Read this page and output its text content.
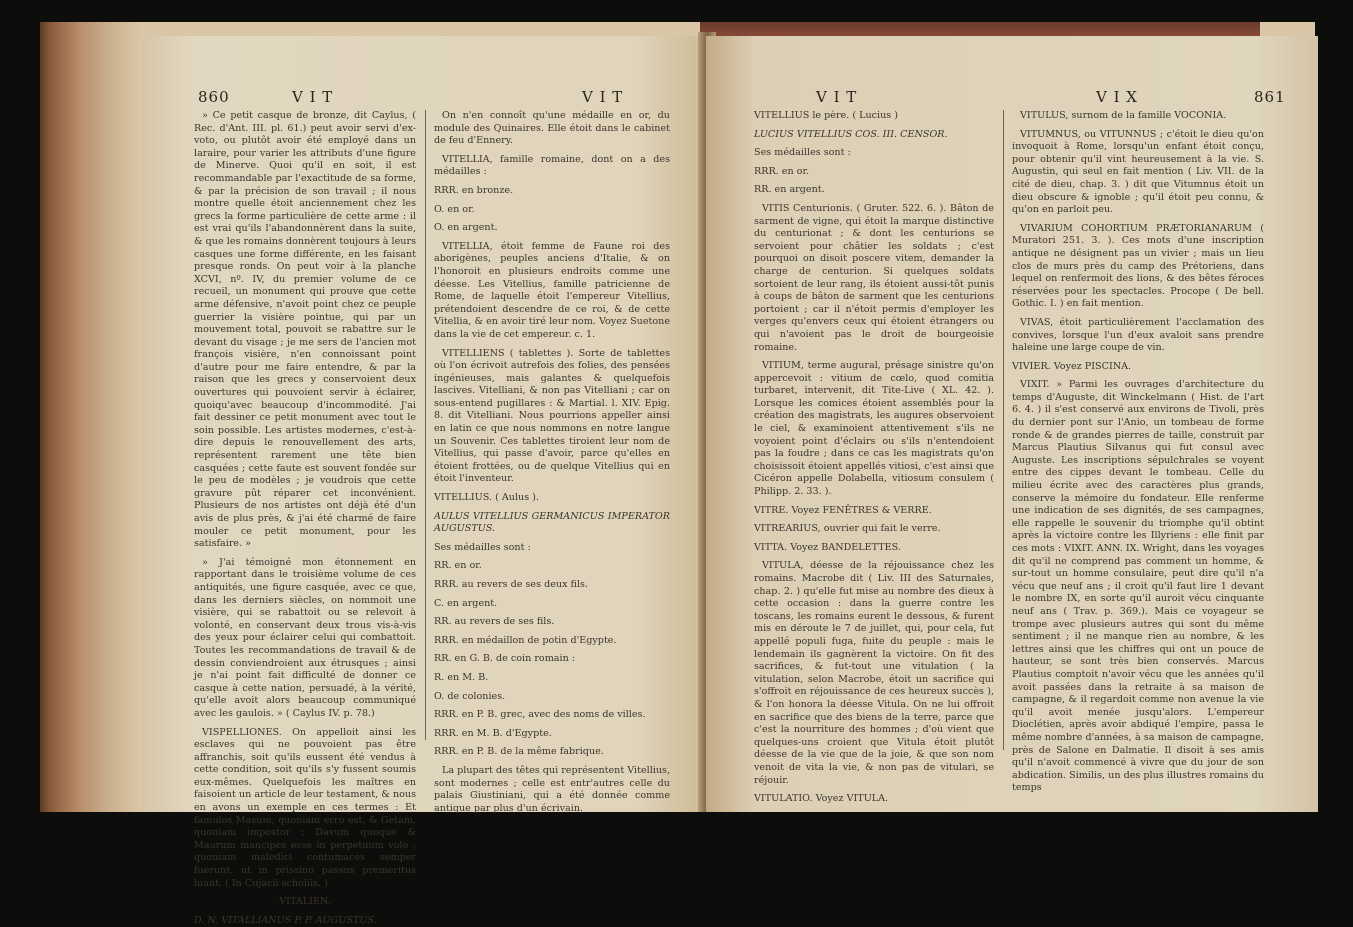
860	V I T	V I T

» Ce petit casque de bronze, dit Caylus, ( Rec. d'Ant. III. pl. 61.) peut avoir servi d'ex-voto, ou plutôt avoir été employé dans un laraire, pour varier les attributs d'une figure de Minerve. Quoi qu'il en soit, il est recommandable par l'exactitude de sa forme, & par la précision de son travail ; il nous montre quelle étoit anciennement chez les grecs la forme particulière de cette arme : il est vrai qu'ils l'abandonnèrent dans la suite, & que les romains donnèrent toujours à leurs casques une forme différente, en les faisant presque ronds. On peut voir à la planche XCVI, nº. IV, du premier volume de ce recueil, un monument qui prouve que cette arme défensive, n'avoit point chez ce peuple guerrier la visière pointue, qui par un mouvement total, pouvoit se rabattre sur le devant du visage ; je me sers de l'ancien mot françois visière, n'en connoissant point d'autre pour me faire entendre, & par la raison que les grecs y conservoient deux ouvertures qui pouvoient servir à éclairer, quoiqu'avec beaucoup d'incommodité. J'ai fait dessiner ce petit monument avec tout le soin possible. Les artistes modernes, c'est-à-dire depuis le renouvellement des arts, représentent rarement une tête bien casquées ; cette faute est souvent fondée sur le peu de modèles ; je voudrois que cette gravure pût réparer cet inconvénient. Plusieurs de nos artistes ont déjà été d'un avis de plus près, & j'ai été charmé de faire mouler ce petit monument, pour les satisfaire. »

» J'ai témoigné mon étonnement en rapportant dans le troisième volume de ces antiquités, une figure casquée, avec ce que, dans les derniers siècles, on nommoit une visière, qui se rabattoit ou se relevoit à volonté, en conservant deux trous vis-à-vis des yeux pour éclairer celui qui combattoit. Toutes les recommandations de travail & de dessin conviendroient aux étrusques ; ainsi je n'ai point fait difficulté de donner ce casque à cette nation, persuadé, à la vérité, qu'elle avoit alors beaucoup communiqué avec les gaulois. » ( Caylus IV. p. 78.)

VISPELLIONES. On appelloit ainsi les esclaves qui ne pouvoient pas être affranchis, soit qu'ils eussent été vendus à cette condition, soit qu'ils s'y fussent soumis eux-mêmes. Quelquefois les maîtres en faisoient un article de leur testament, & nous en avons un exemple en ces termes : Et famulos Masum, quoniam erro est, & Getam, quoniam impostor ; Davum quoque & Maurum mancipes esse in perpetuum volo ; quoniam maledici contumaces semper fuerunt, ut in prissino passus premeritus luant. ( In Cujacii scholiis. )

VITALIEN.
D. N. VITALLIANUS P. P. AUGUSTUS.

On n'en connoît qu'une médaille en or, du module des Quinaires. Elle étoit dans le cabinet de feu d'Ennery.

VITELLIA, famille romaine, dont on a des médailles :

RRR. en bronze.
O. en or.
O. en argent.

VITELLIA, étoit femme de Faune roi des aborigènes, peuples anciens d'Italie, & on l'honoroit en plusieurs endroits comme une déesse. Les Vitellius, famille patricienne de Rome, de laquelle étoit l'empereur Vitellius, prétendoient descendre de ce roi, & de cette Vitellia, & en avoir tiré leur nom. Voyez Suetone dans la vie de cet empereur. c. 1.

VITELLIENS ( tablettes ). Sorte de tablettes où l'on écrivoit autrefois des folies, des pensées ingénieuses, mais galantes & quelquefois lascives. Vitelliani, & non pas Vitelliani ; car on sous-entend pugillares : & Martial. l. XIV. Epig. 8. dit Vitelliani. Nous pourrions appeller ainsi en latin ce que nous nommons en notre langue un Souvenir. Ces tablettes tiroient leur nom de Vitellius, qui passe d'avoir, parce qu'elles en étoient frottées, ou de quelque Vitellius qui en étoit l'inventeur.

VITELLIUS. ( Aulus ).
AULUS VITELLIUS GERMANICUS IMPERATOR AUGUSTUS.
Ses médailles sont :
RR. en or.
RRR. au revers de ses deux fils.
C. en argent.
RR. au revers de ses fils.
RRR. en médaillon de potin d'Egypte.
RR. en G. B. de coin romain :
R. en M. B.
O. de colonies.
RRR. en P. B. grec, avec des noms de villes.
RRR. en M. B. d'Egypte.
RRR. en P. B. de la même fabrique.

La plupart des têtes qui représentent Vitellius, sont modernes ; celle est entr'autres celle du palais Giustiniani, qui a été donnée comme antique par plus d'un écrivain.

V I T	V I X	861
VITELLIUS le père. ( Lucius )
LUCIUS VITELLIUS COS. III. CENSOR.
Ses médailles sont :
RRR. en or.
RR. en argent.

VITIS Centurionis. ( Gruter. 522. 6. ). Bâton de sarment de vigne, qui étoit la marque distinctive du centurionat ; & dont les centurions se servoient pour châtier les soldats ; c'est pourquoi on disoit poscere vitem, demander la charge de centurion. Si quelques soldats sortoient de leur rang, ils étoient aussi-tôt punis à coups de bâton de sarment que les centurions portoient ; car il n'étoit permis d'employer les verges qu'envers ceux qui étoient étrangers ou qui n'avoient pas le droit de bourgeoisie romaine.

VITIUM, terme augural, présage sinistre qu'on appercevoit : vitium de cœlo, quod comitia turbaret, intervenit, dit Tite-Live ( XL. 42. ). Lorsque les comices étoient assemblés pour la création des magistrats, les augures observoient le ciel, & examinoient attentivement s'ils ne voyoient point d'éclairs ou s'ils n'entendoient pas la foudre ; dans ce cas les magistrats qu'on choisissoit étoient appellés vitiosi, c'est ainsi que Cicéron appelle Dolabella, vitiosum consulem ( Philipp. 2. 33. ).

VITRE. Voyez FENÊTRES & VERRE.
VITREARIUS, ouvrier qui fait le verre.
VITTA. Voyez BANDELETTES.

VITULA, déesse de la réjouissance chez les romains. Macrobe dit ( Liv. III des Saturnales, chap. 2. ) qu'elle fut mise au nombre des dieux à cette occasion : dans la guerre contre les toscans, les romains eurent le dessous, & furent mis en déroute le 7 de juillet, qui, pour cela, fut appellé populi fuga, fuite du peuple : mais le lendemain ils gagnèrent la victoire. On fit des sacrifices, & fut-tout une vitulation ( la vitulation, selon Macrobe, étoit un sacrifice qui s'offroit en réjouissance de ces heureux succès ), & l'on honora la déesse Vitula. On ne lui offroit en sacrifice que des biens de la terre, parce que c'est la nourriture des hommes ; d'où vient que quelques-uns croient que Vitula étoit plutôt déesse de la vie que de la joie, & que son nom venoit de vita la vie, & non pas de vitulari, se réjouir.

VITULATIO. Voyez VITULA.

VITULUS, surnom de la famille VOCONIA.

VITUMNUS, ou VITUNNUS ; c'étoit le dieu qu'on invoquoit à Rome, lorsqu'un enfant étoit conçu, pour obtenir qu'il vint heureusement à la vie. S. Augustin, qui seul en fait mention ( Liv. VII. de la cité de dieu, chap. 3. ) dit que Vitumnus étoit un dieu obscure & ignoble ; qu'il étoit peu connu, & qu'on en parloit peu.

VIVARIUM COHORTIUM PRÆTORIANARUM ( Muratori 251. 3. ). Ces mots d'une inscription antique ne désignent pas un vivier ; mais un lieu clos de murs près du camp des Prétoriens, dans lequel on renfermoit des lions, & des bêtes féroces réservées pour les spectacles. Procope ( De bell. Gothic. I. ) en fait mention.

VIVAS, étoit particulièrement l'acclamation des convives, lorsque l'un d'eux avaloit sans prendre haleine une large coupe de vin.

VIVIER. Voyez PISCINA.

VIXIT. » Parmi les ouvrages d'architecture du temps d'Auguste, dit Winckelmann ( Hist. de l'art 6. 4. ) il s'est conservé aux environs de Tivoli, près du dernier pont sur l'Anio, un tombeau de forme ronde & de grandes pierres de taille, construit par Marcus Plautius Silvanus qui fut consul avec Auguste. Les inscriptions sépulchrales se voyent entre des cippes devant le tombeau. Celle du milieu écrite avec des caractères plus grands, conserve la mémoire du fondateur. Elle renferme une indication de ses dignités, de ses campagnes, elle rappelle le souvenir du triomphe qu'il obtint après la victoire contre les Illyriens : elle finit par ces mots : VIXIT. ANN. IX. Wright, dans les voyages dit qu'il ne comprend pas comment un homme, & sur-tout un homme consulaire, peut dire qu'il n'a vécu que neuf ans ; il croit qu'il faut lire 1 devant le nombre IX, en sorte qu'il auroit vécu cinquante neuf ans ( Trav. p. 369.). Mais ce voyageur se trompe avec plusieurs autres qui sont du même sentiment ; il ne manque rien au nombre, & les lettres ainsi que les chiffres qui ont un pouce de hauteur, se sont très bien conservés. Marcus Plautius comptoit n'avoir vécu que les années qu'il avoit passées dans la retraite à sa maison de campagne, & il regardoit comme non avenue la vie qu'il avoit menée jusqu'alors. L'empereur Dioclétien, après avoir abdiqué l'empire, passa le même nombre d'années, à sa maison de campagne, près de Salone en Dalmatie. Il disoit à ses amis qu'il n'avoit commencé à vivre que du jour de son abdication. Similis, un des plus illustres romains du temps
